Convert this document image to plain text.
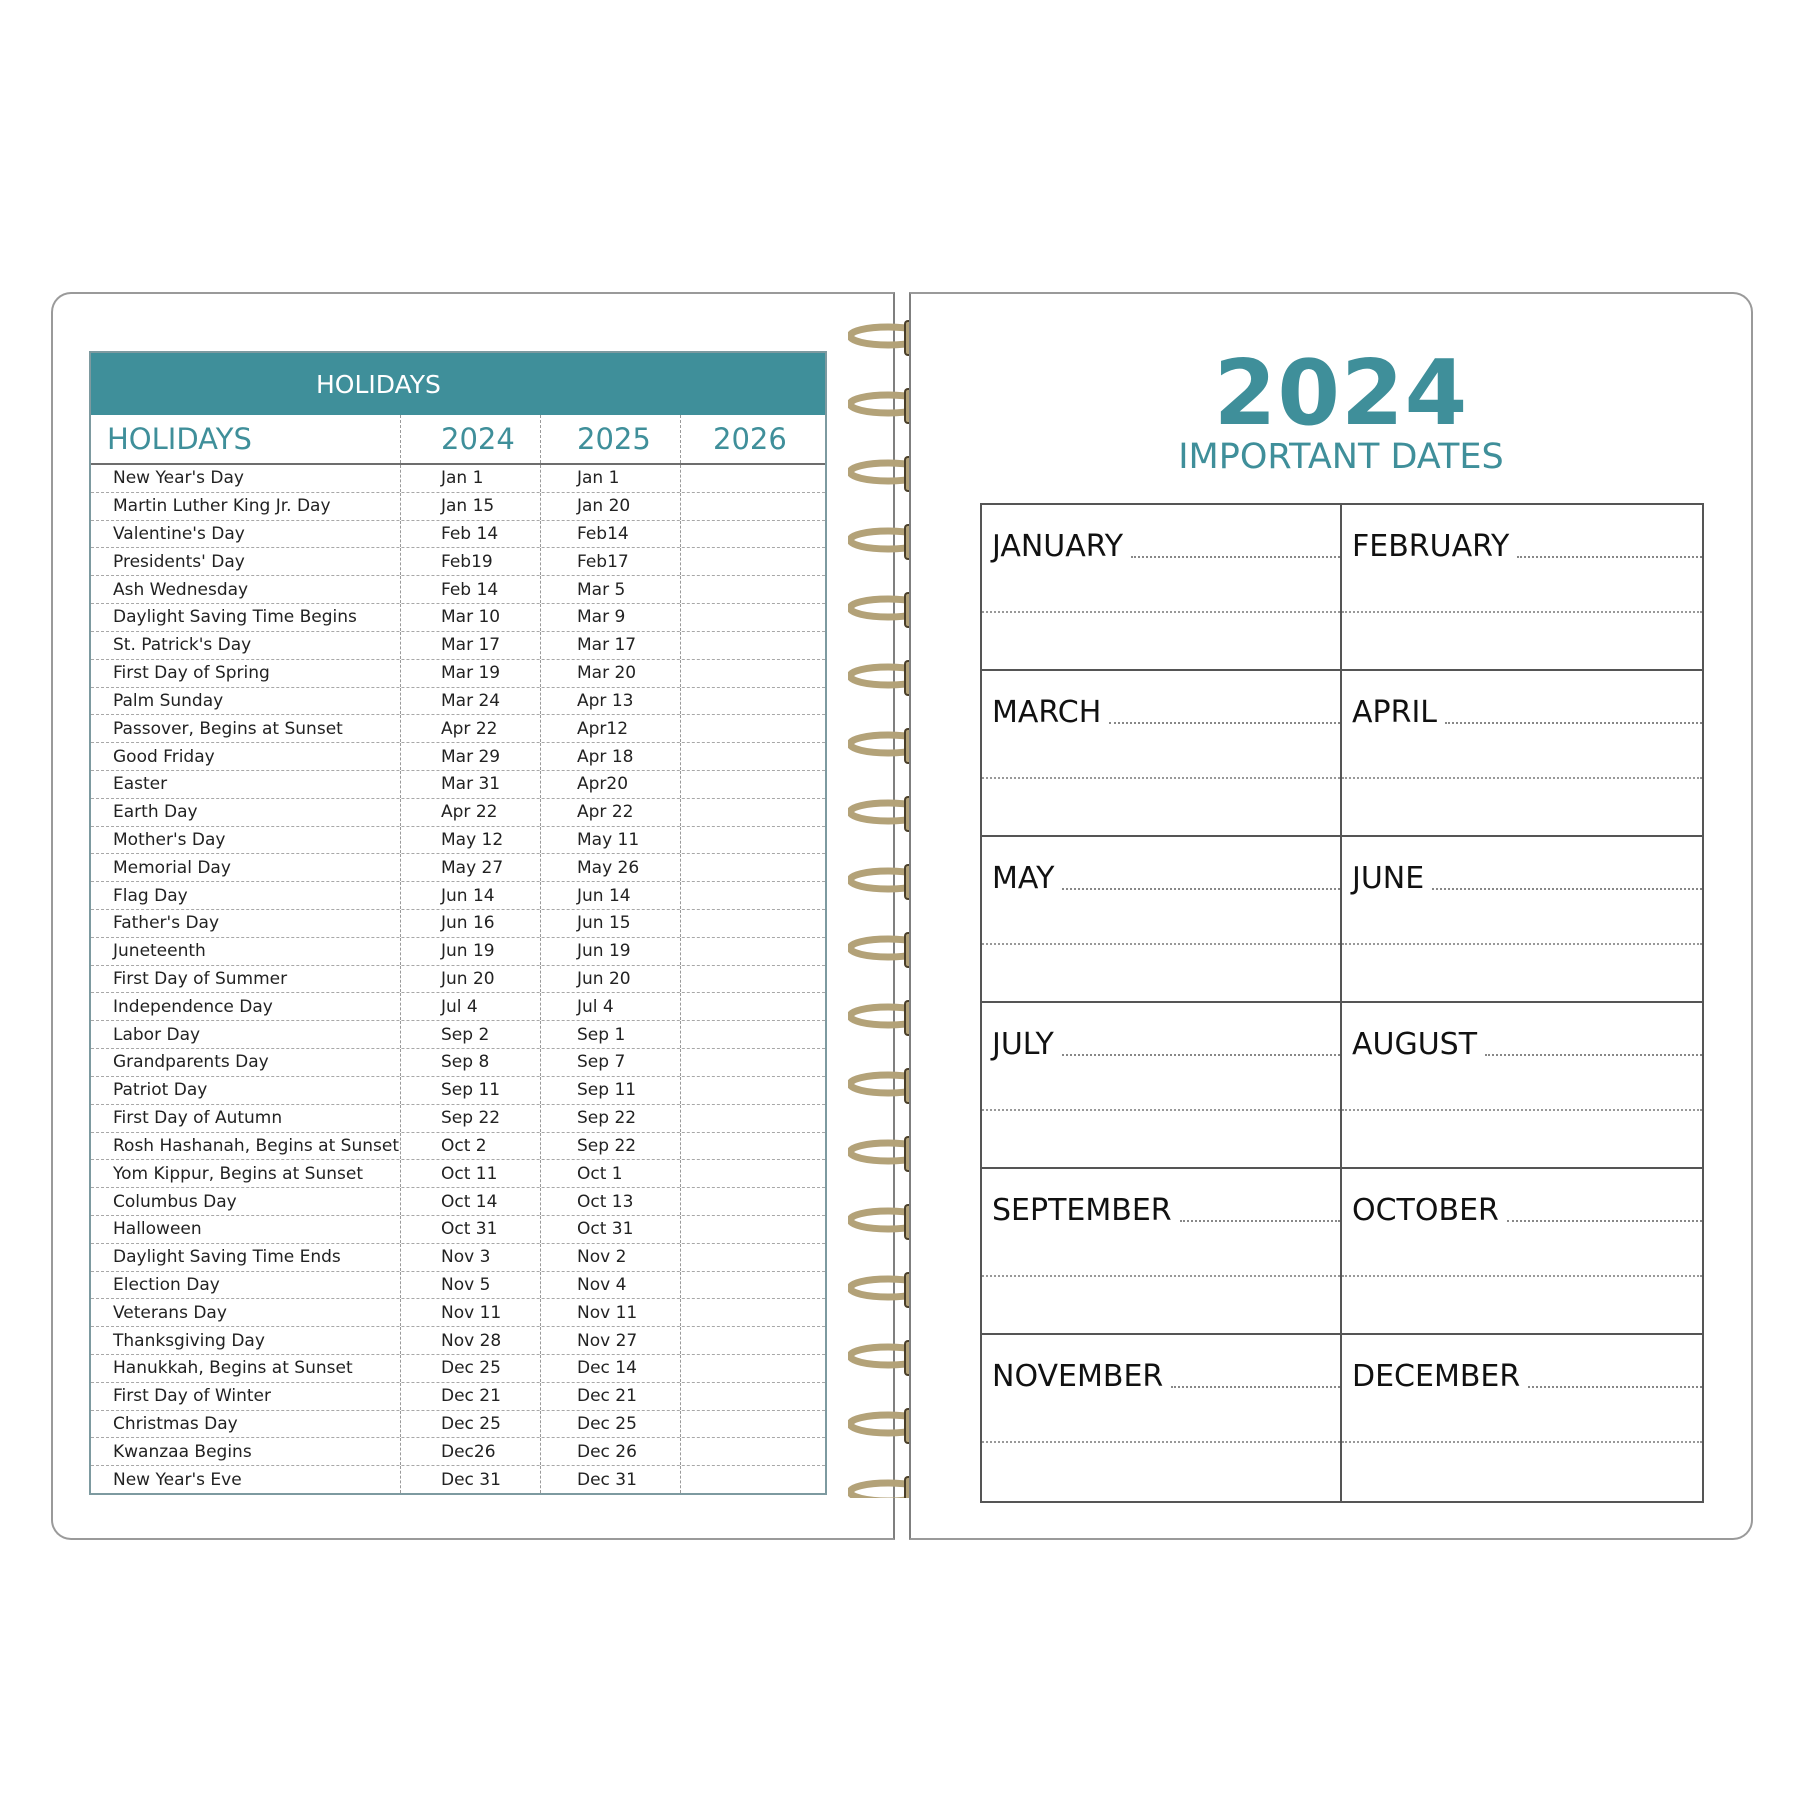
HOLIDAYS
HOLIDAYS	2024	2025	2026
New Year's Day	Jan 1	Jan 1
Martin Luther King Jr. Day	Jan 15	Jan 20
Valentine's Day	Feb 14	Feb14
Presidents' Day	Feb19	Feb17
Ash Wednesday	Feb 14	Mar 5
Daylight Saving Time Begins	Mar 10	Mar 9
St. Patrick's Day	Mar 17	Mar 17
First Day of Spring	Mar 19	Mar 20
Palm Sunday	Mar 24	Apr 13
Passover, Begins at Sunset	Apr 22	Apr12
Good Friday	Mar 29	Apr 18
Easter	Mar 31	Apr20
Earth Day	Apr 22	Apr 22
Mother's Day	May 12	May 11
Memorial Day	May 27	May 26
Flag Day	Jun 14	Jun 14
Father's Day	Jun 16	Jun 15
Juneteenth	Jun 19	Jun 19
First Day of Summer	Jun 20	Jun 20
Independence Day	Jul 4	Jul 4
Labor Day	Sep 2	Sep 1
Grandparents Day	Sep 8	Sep 7
Patriot Day	Sep 11	Sep 11
First Day of Autumn	Sep 22	Sep 22
Rosh Hashanah, Begins at Sunset	Oct 2	Sep 22
Yom Kippur, Begins at Sunset	Oct 11	Oct 1
Columbus Day	Oct 14	Oct 13
Halloween	Oct 31	Oct 31
Daylight Saving Time Ends	Nov 3	Nov 2
Election Day	Nov 5	Nov 4
Veterans Day	Nov 11	Nov 11
Thanksgiving Day	Nov 28	Nov 27
Hanukkah, Begins at Sunset	Dec 25	Dec 14
First Day of Winter	Dec 21	Dec 21
Christmas Day	Dec 25	Dec 25
Kwanzaa Begins	Dec26	Dec 26
New Year's Eve	Dec 31	Dec 31
2024
IMPORTANT DATES
JANUARY	FEBRUARY
MARCH	APRIL
MAY	JUNE
JULY	AUGUST
SEPTEMBER	OCTOBER
NOVEMBER	DECEMBER
